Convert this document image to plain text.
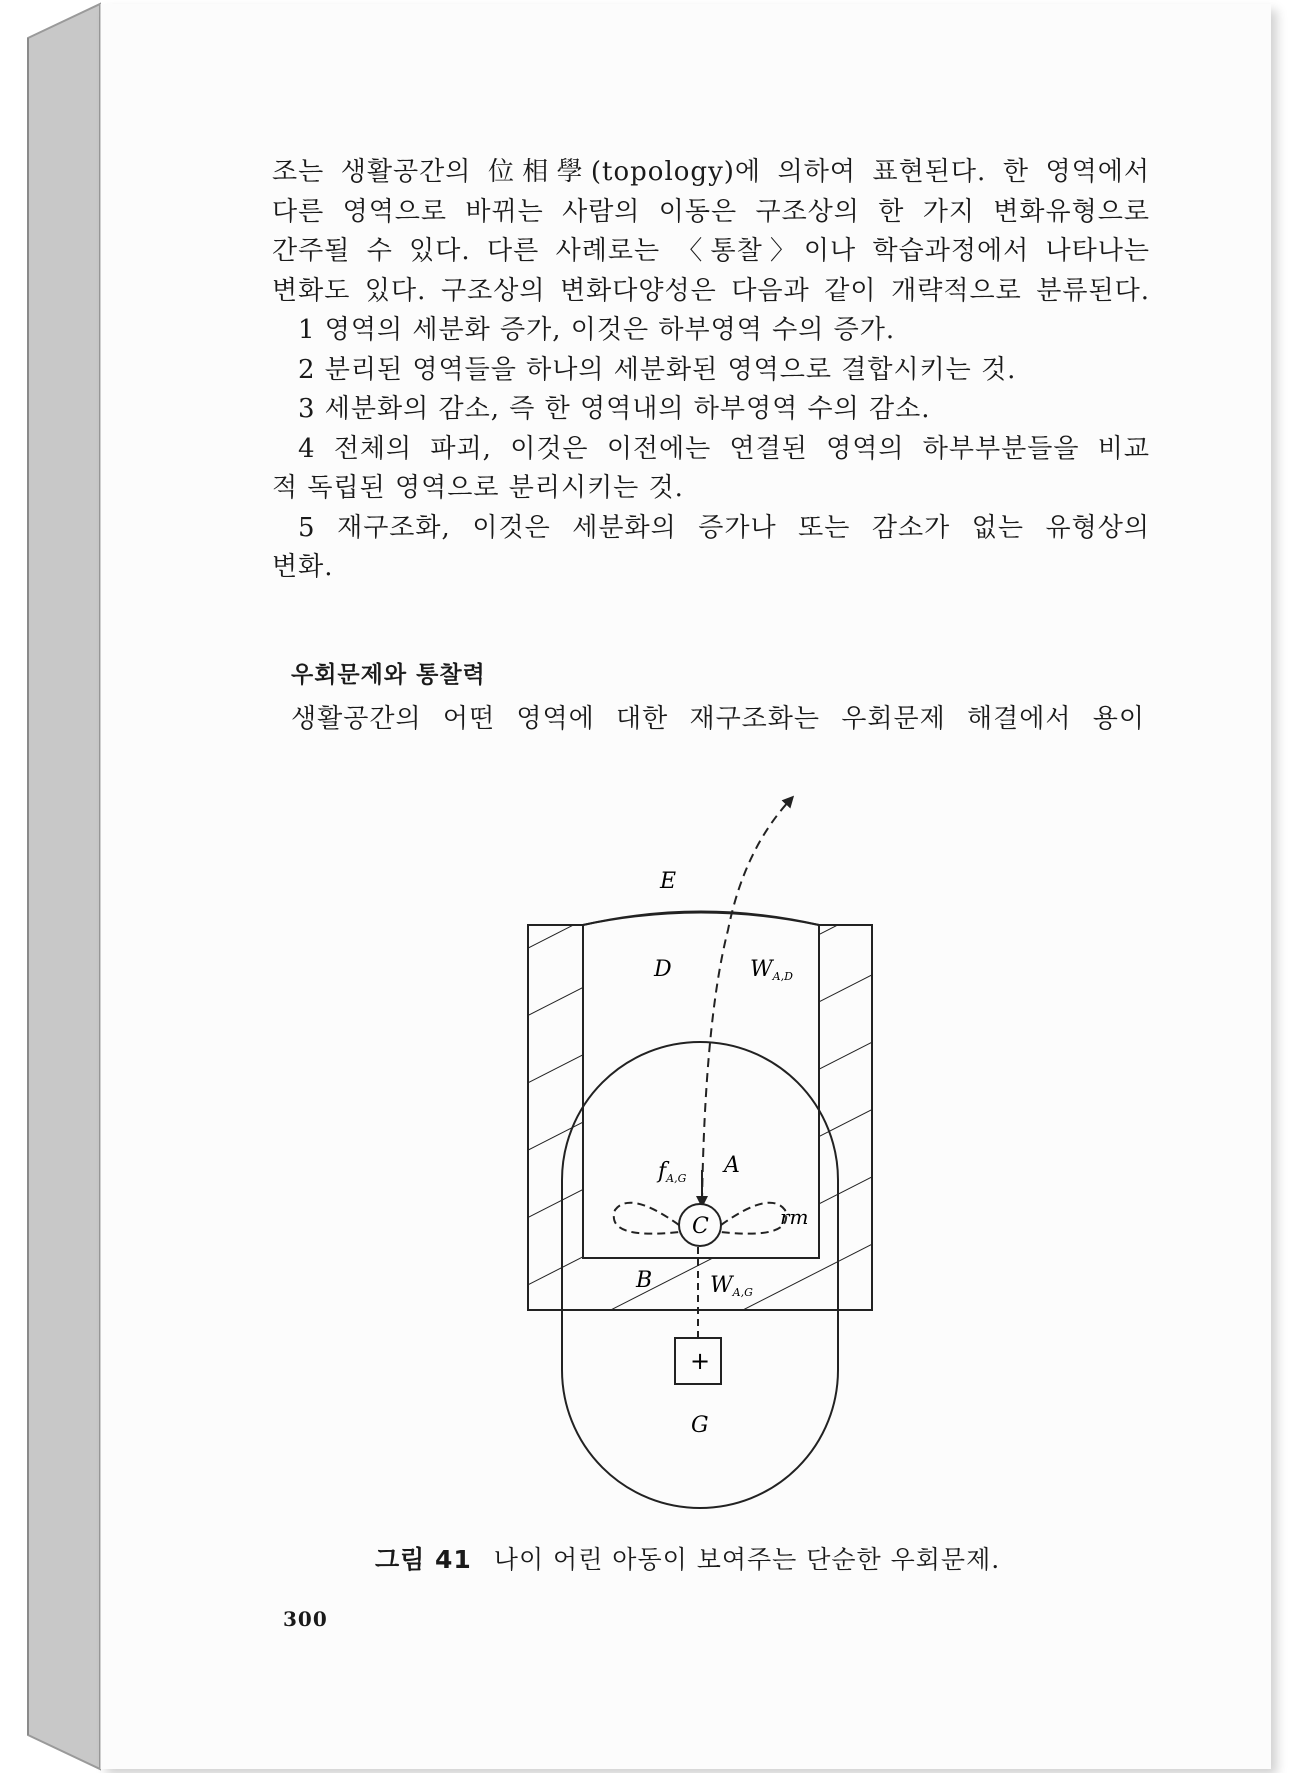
조는 생활공간의 位相學(topology)에 의하여 표현된다. 한 영역에서

다른 영역으로 바뀌는 사람의 이동은 구조상의 한 가지 변화유형으로

간주될 수 있다. 다른 사례로는 〈통찰〉이나 학습과정에서 나타나는

변화도 있다. 구조상의 변화다양성은 다음과 같이 개략적으로 분류된다.

1 영역의 세분화 증가, 이것은 하부영역 수의 증가.

2 분리된 영역들을 하나의 세분화된 영역으로 결합시키는 것.

3 세분화의 감소, 즉 한 영역내의 하부영역 수의 감소.

4 전체의 파괴, 이것은 이전에는 연결된 영역의 하부부분들을 비교

적 독립된 영역으로 분리시키는 것.

5 재구조화, 이것은 세분화의 증가나 또는 감소가 없는 유형상의

변화.

우회문제와 통찰력
생활공간의 어떤 영역에 대한 재구조화는 우회문제 해결에서 용이
E
D	WA,D
fA,G
A
C	rm
B	WA,G
+
G
그림 41 나이 어린 아동이 보여주는 단순한 우회문제.
300
